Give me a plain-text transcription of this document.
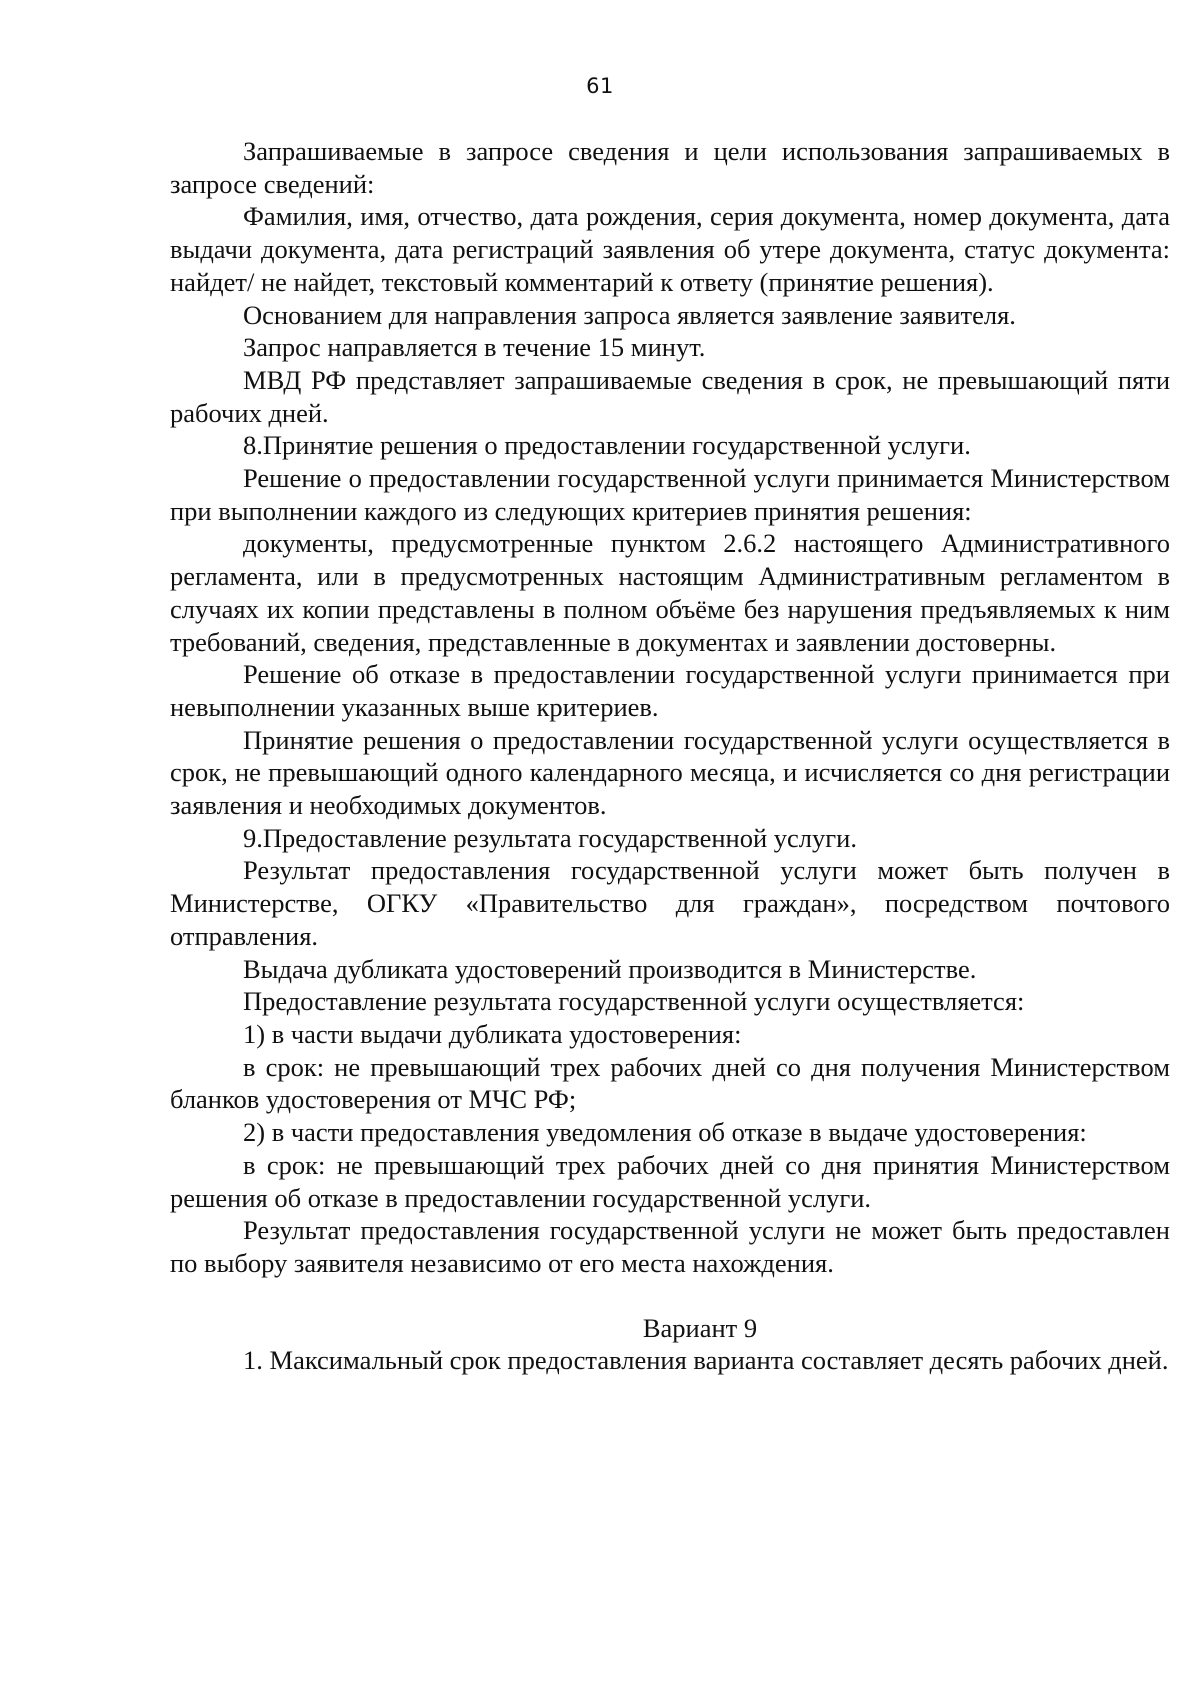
61

Запрашиваемые в запросе сведения и цели использования запрашиваемых в запросе сведений:

Фамилия, имя, отчество, дата рождения, серия документа, номер документа, дата выдачи документа, дата регистраций заявления об утере документа, статус документа: найдет/ не найдет, текстовый комментарий к ответу (принятие решения).

Основанием для направления запроса является заявление заявителя.

Запрос направляется в течение 15 минут.

МВД РФ представляет запрашиваемые сведения в срок, не превышающий пяти рабочих дней.

8.Принятие решения о предоставлении государственной услуги.

Решение о предоставлении государственной услуги принимается Министерством при выполнении каждого из следующих критериев принятия решения:

документы, предусмотренные пунктом 2.6.2 настоящего Административного регламента, или в предусмотренных настоящим Административным регламентом в случаях их копии представлены в полном объёме без нарушения предъявляемых к ним требований, сведения, представленные в документах и заявлении достоверны.

Решение об отказе в предоставлении государственной услуги принимается при невыполнении указанных выше критериев.

Принятие решения о предоставлении государственной услуги осуществляется в срок, не превышающий одного календарного месяца, и исчисляется со дня регистрации заявления и необходимых документов.

9.Предоставление результата государственной услуги.

Результат предоставления государственной услуги может быть получен в Министерстве, ОГКУ «Правительство для граждан», посредством почтового отправления.

Выдача дубликата удостоверений производится в Министерстве.

Предоставление результата государственной услуги осуществляется:

1) в части выдачи дубликата удостоверения:

в срок: не превышающий трех рабочих дней со дня получения Министерством бланков удостоверения от МЧС РФ;

2) в части предоставления уведомления об отказе в выдаче удостоверения:

в срок: не превышающий трех рабочих дней со дня принятия Министерством решения об отказе в предоставлении государственной услуги.

Результат предоставления государственной услуги не может быть предоставлен по выбору заявителя независимо от его места нахождения.

Вариант 9

1. Максимальный срок предоставления варианта составляет десять рабочих дней.
